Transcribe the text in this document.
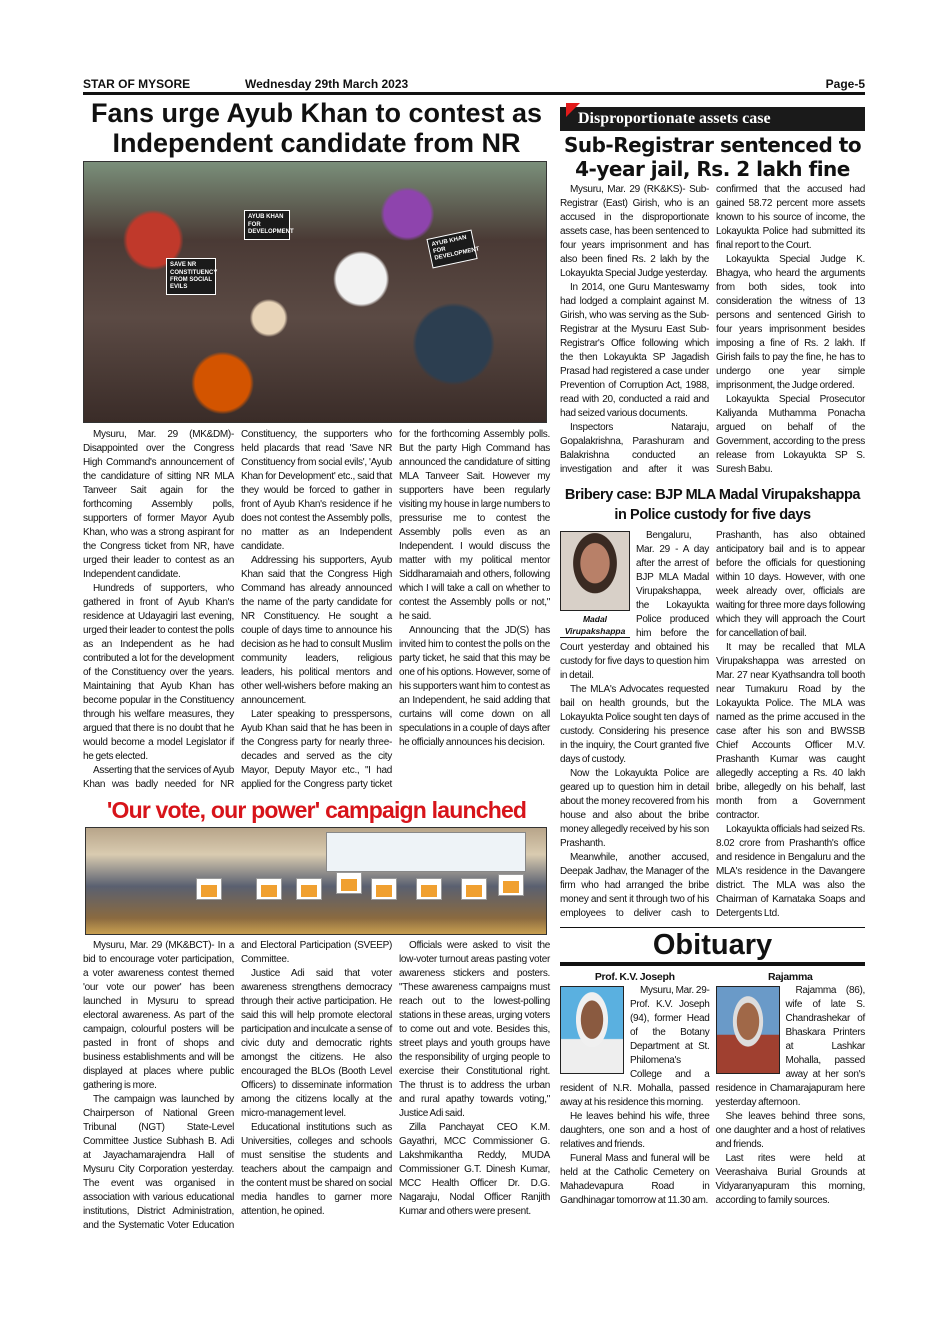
STAR OF MYSORE	Wednesday 29th March 2023	Page-5
Fans urge Ayub Khan to contest as
Independent candidate from NR
AYUB KHAN FOR DEVELOPMENT
SAVE NR CONSTITUENCY FROM SOCIAL EVILS
AYUB KHAN FOR DEVELOPMENT

Mysuru, Mar. 29 (MK&DM)- Disappointed over the Congress High Command's announcement of the candidature of sitting NR MLA Tanveer Sait again for the forthcoming Assembly polls, supporters of former Mayor Ayub Khan, who was a strong aspirant for the Congress ticket from NR, have urged their leader to contest as an Independent candidate.

Hundreds of supporters, who gathered in front of Ayub Khan's residence at Udayagiri last evening, urged their leader to contest the polls as an Independent as he had contributed a lot for the development of the Constituency over the years. Maintaining that Ayub Khan has become popular in the Constituency through his welfare measures, they argued that there is no doubt that he would become a model Legislator if he gets elected.

Asserting that the services of Ayub Khan was badly needed for NR Constituency, the supporters who held placards that read 'Save NR Constituency from social evils', 'Ayub Khan for Development' etc., said that they would be forced to gather in front of Ayub Khan's residence if he does not contest the Assembly polls, no matter as an Independent candidate.

Addressing his supporters, Ayub Khan said that the Congress High Command has already announced the name of the party candidate for NR Constituency. He sought a couple of days time to announce his decision as he had to consult Muslim community leaders, religious leaders, his political mentors and other well-wishers before making an announcement.

Later speaking to presspersons, Ayub Khan said that he has been in the Congress party for nearly three-decades and served as the city Mayor, Deputy Mayor etc., "I had applied for the Congress party ticket for the forthcoming Assembly polls. But the party High Command has announced the candidature of sitting MLA Tanveer Sait. However my supporters have been regularly visiting my house in large numbers to pressurise me to contest the Assembly polls even as an Independent. I would discuss the matter with my political mentor Siddharamaiah and others, following which I will take a call on whether to contest the Assembly polls or not," he said.

Announcing that the JD(S) has invited him to contest the polls on the party ticket, he said that this may be one of his options. However, some of his supporters want him to contest as an Independent, he said adding that curtains will come down on all speculations in a couple of days after he officially announces his decision.

'Our vote, our power' campaign launched

Mysuru, Mar. 29 (MK&BCT)- In a bid to encourage voter participation, a voter awareness contest themed 'our vote our power' has been launched in Mysuru to spread electoral awareness. As part of the campaign, colourful posters will be pasted in front of shops and business establishments and will be displayed at places where public gathering is more.

The campaign was launched by Chairperson of National Green Tribunal (NGT) State-Level Committee Justice Subhash B. Adi at Jayachamarajendra Hall of Mysuru City Corporation yesterday. The event was organised in association with various educational institutions, District Administration, and the Systematic Voter Education and Electoral Participation (SVEEP) Committee.

Justice Adi said that voter awareness strengthens democracy through their active participation. He said this will help promote electoral participation and inculcate a sense of civic duty and democratic rights amongst the citizens. He also encouraged the BLOs (Booth Level Officers) to disseminate information among the citizens locally at the micro-management level.

Educational institutions such as Universities, colleges and schools must sensitise the students and teachers about the campaign and the content must be shared on social media handles to garner more attention, he opined.

Officials were asked to visit the low-voter turnout areas pasting voter awareness stickers and posters. "These awareness campaigns must reach out to the lowest-polling stations in these areas, urging voters to come out and vote. Besides this, street plays and youth groups have the responsibility of urging people to exercise their Constitutional right. The thrust is to address the urban and rural apathy towards voting," Justice Adi said.

Zilla Panchayat CEO K.M. Gayathri, MCC Commissioner G. Lakshmikantha Reddy, MUDA Commissioner G.T. Dinesh Kumar, MCC Health Officer Dr. D.G. Nagaraju, Nodal Officer Ranjith Kumar and others were present.

Disproportionate assets case
Sub-Registrar sentenced to
4-year jail, Rs. 2 lakh fine

Mysuru, Mar. 29 (RK&KS)- Sub-Registrar (East) Girish, who is an accused in the disproportionate assets case, has been sentenced to four years imprisonment and has also been fined Rs. 2 lakh by the Lokayukta Special Judge yesterday.

In 2014, one Guru Manteswamy had lodged a complaint against M. Girish, who was serving as the Sub-Registrar at the Mysuru East Sub-Registrar's Office following which the then Lokayukta SP Jagadish Prasad had registered a case under Prevention of Corruption Act, 1988, read with 20, conducted a raid and had seized various documents.

Inspectors Nataraju, Gopalakrishna, Parashuram and Balakrishna conducted an investigation and after it was confirmed that the accused had gained 58.72 percent more assets known to his source of income, the Lokayukta Police had submitted its final report to the Court.

Lokayukta Special Judge K. Bhagya, who heard the arguments from both sides, took into consideration the witness of 13 persons and sentenced Girish to four years imprisonment besides imposing a fine of Rs. 2 lakh. If Girish fails to pay the fine, he has to undergo one year simple imprisonment, the Judge ordered.

Lokayukta Special Prosecutor Kaliyanda Muthamma Ponacha argued on behalf of the Government, according to the press release from Lokayukta SP S. Suresh Babu.

Bribery case: BJP MLA Madal Virupakshappa
in Police custody for five days
Madal
Virupakshappa

Bengaluru, Mar. 29 - A day after the arrest of BJP MLA Madal Virupakshappa, the Lokayukta Police produced him before the Court yesterday and obtained his custody for five days to question him in detail.

The MLA's Advocates requested bail on health grounds, but the Lokayukta Police sought ten days of custody. Considering his presence in the inquiry, the Court granted five days of custody.

Now the Lokayukta Police are geared up to question him in detail about the money recovered from his house and also about the bribe money allegedly received by his son Prashanth.

Meanwhile, another accused, Deepak Jadhav, the Manager of the firm who had arranged the bribe money and sent it through two of his employees to deliver cash to Prashanth, has also obtained anticipatory bail and is to appear before the officials for questioning within 10 days. However, with one week already over, officials are waiting for three more days following which they will approach the Court for cancellation of bail.

It may be recalled that MLA Virupakshappa was arrested on Mar. 27 near Kyathsandra toll booth near Tumakuru Road by the Lokayukta Police. The MLA was named as the prime accused in the case after his son and BWSSB Chief Accounts Officer M.V. Prashanth Kumar was caught allegedly accepting a Rs. 40 lakh bribe, allegedly on his behalf, last month from a Government contractor.

Lokayukta officials had seized Rs. 8.02 crore from Prashanth's office and residence in Bengaluru and the MLA's residence in the Davangere district. The MLA was also the Chairman of Karnataka Soaps and Detergents Ltd.

Obituary
Prof. K.V. Joseph

Mysuru, Mar. 29- Prof. K.V. Joseph (94), former Head of the Botany Department at St. Philomena's College and a resident of N.R. Mohalla, passed away at his residence this morning.

He leaves behind his wife, three daughters, one son and a host of relatives and friends.

Funeral Mass and funeral will be held at the Catholic Cemetery on Mahadevapura Road in Gandhinagar tomorrow at 11.30 am.

Rajamma

Rajamma (86), wife of late S. Chandrashekar of Bhaskara Printers at Lashkar Mohalla, passed away at her son's residence in Chamarajapuram here yesterday afternoon.

She leaves behind three sons, one daughter and a host of relatives and friends.

Last rites were held at Veerashaiva Burial Grounds at Vidyaranyapuram this morning, according to family sources.
